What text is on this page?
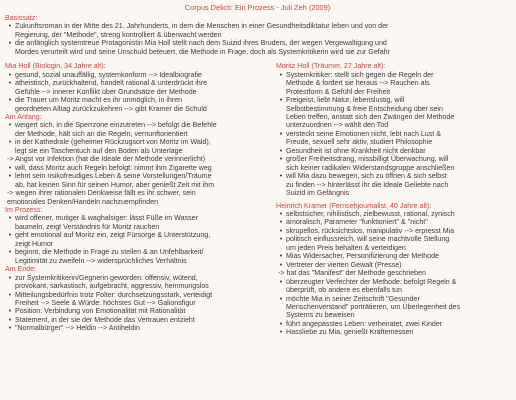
Corpus Delicti: Ein Prozess - Juli Zeh (2009)
Basissatz:
• Zukunftsroman in der Mitte des 21. Jahrhunderts, in dem die Menschen in einer Gesundheitsdiktatur leben und von der
Regierung, der "Methode", streng kontrolliert & überwacht werden
• die anfänglich systemtreue Protagonistin Mia Holl stellt nach dem Suizid ihres Bruders, der wegen Vergewaltigung und
Mordes verurteilt wird und seine Unschuld beteuert, die Methode in Frage, doch als Systemkritikerin wird sie zur Gefahr
Mia Holl (Biologin, 34 Jahre alt):
• gesund, sozial unauffällig, systemkonform --> Idealbiografie
• atheistisch, zurückhaltend, handelt rational & unterdrückt ihre
Gefühle --> innerer Konflikt über Grundsätze der Methode
• die Trauer um Moritz macht es ihr unmöglich, in ihren
geordneten Alltag zurückzukehren --> gibt Kramer die Schuld
Am Anfang:
• weigert sich, in die Sperrzone einzutreten --> befolgt die Befehle
der Methode, hält sich an die Regeln, vernunftorientiert
• in der Kathedrale (geheimer Rückzugsort von Moritz im Wald),
legt sie ein Taschentuch auf den Boden als Unterlage
-> Angst vor Infektion (hat die Ideale der Methode verinnerlicht)
• will, dass Moritz auch Regeln befolgt: nimmt ihm Zigarette weg
• lehnt sein risikofreudiges Leben & seine Vorstellungen/Träume
ab, hat keinen Sinn für seinen Humor, aber genießt Zeit mit ihm
-> wegen ihrer rationalen Denkweise fällt es ihr schwer, sein
emotionales Denken/Handeln nachzuempfinden
Im Prozess:
• wird offener, mutiger & waghalsiger: lässt Füße im Wasser
baumeln, zeigt Verständnis für Moritz rauchen
• geht emotional auf Moritz ein, zeigt Fürsorge & Unterstützung,
zeigt Humor
• beginnt, die Methode in Frage zu stellen & an Unfehlbarkeit/
Legitimität zu zweifeln --> widersprüchliches Verhältnis
Am Ende:
• zur Systemkritikerin/Gegnerin geworden: offensiv, wütend,
provokant, sarkastisch, aufgebracht, aggressiv, hemmungslos
• Mitteilungsbedürfnis trotz Folter: durchsetzungsstark, verteidigt
Freiheit --> Seele & Würde: höchstes Gut --> Galionsfigur
• Position: Verbindung von Emotionalität mit Rationalität
• Statement, in der sie der Methode das Vertrauen entzieht
• "Normalbürger" --> Heldin --> Antiheldin
Moritz Holl (Träumer, 27 Jahre alt):
• Systemkritiker: stellt sich gegen die Regeln der
Methode & fordert sie heraus --> Rauchen als
Protestform & Gefühl der Freiheit
• Freigeist, liebt Natur, lebenslustig, will
Selbstbestimmung & freie Entscheidung über sein
Leben treffen, anstatt sich den Zwängen der Methode
unterzuordnen --> wählt den Tod
• versteckt seine Emotionen nicht, lebt nach Lust &
Freude, sexuell sehr aktiv, studiert Philosophie
• Gesundheit ist ohne Krankheit nicht denkbar
• großer Freiheitsdrang, missbilligt Überwachung, will
sich keiner radikalen Widerstandsgruppe anschließen
• will Mia dazu bewegen, sich zu öffnen & sich selbst
zu finden --> hinterlässt ihr die Ideale Geliebte nach
Suizid im Gefängnis
Heinrich Kramer (Fernsehjournalist, 40 Jahre alt):
• selbstsicher, nihilistisch, zielbewusst, rational, zynisch
• amoralisch, Parameter "funktioniert" & "nicht"
• skrupellos, rücksichtslos, manipulativ --> erpresst Mia
• politisch einflussreich, will seine machtvolle Stellung
um jeden Preis behalten & verteidigen
• Mias Widersacher, Personifizierung der Methode
• Vertreter der vierten Gewalt (Presse)
-> hat das "Manifest" der Methode geschrieben
• überzeugter Verfechter der Methode: befolgt Regeln &
überprüft, ob andere es ebenfalls tun
• möchte Mia in seiner Zeitschrift "Gesunder
Menschenverstand" porträtieren, um Überlegenheit des
Systems zu beweisen
• führt angepasstes Leben: verheiratet, zwei Kinder
• Hassliebe zu Mia, genießt Kräftemessen
